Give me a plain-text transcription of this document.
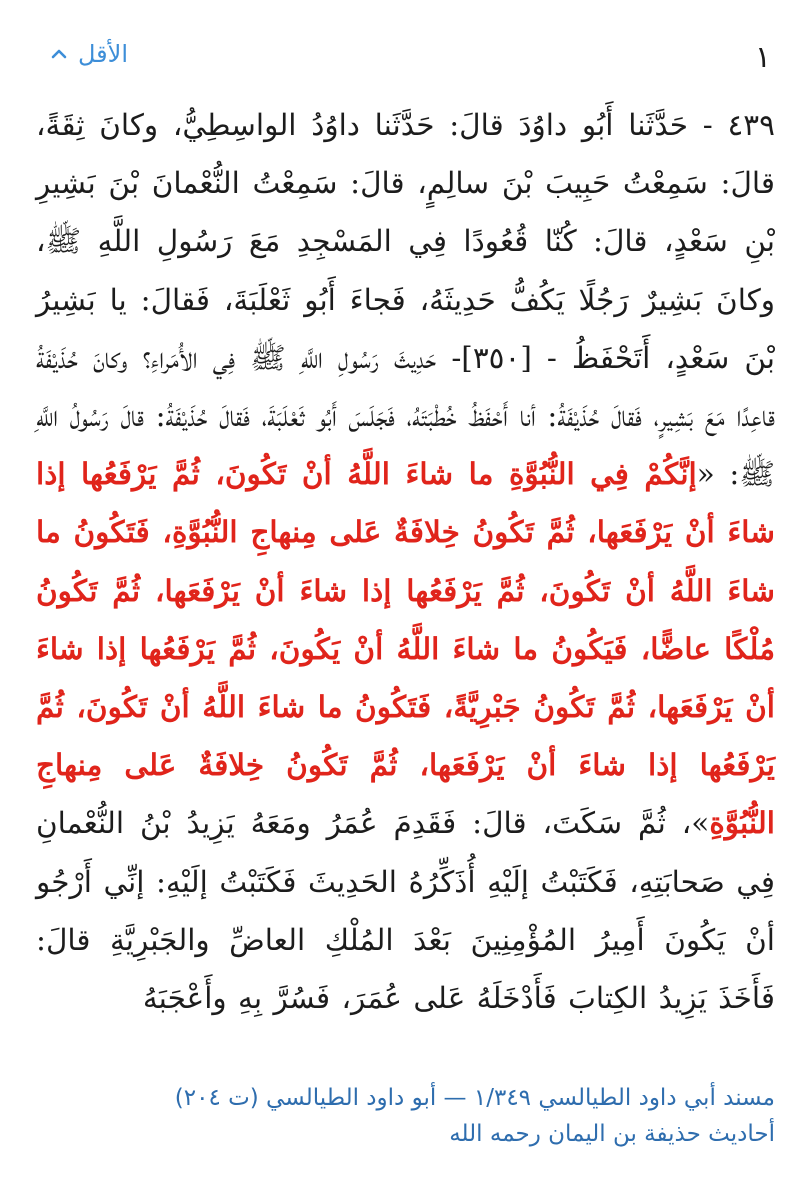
الأقل	١
٤٣٩ - حَدَّثَنا أَبُو داوُدَ قالَ: حَدَّثَنا داوُدُ الواسِطِيُّ، وكانَ ثِقَةً، قالَ: سَمِعْتُ حَبِيبَ بْنَ سالِمٍ، قالَ: سَمِعْتُ النُّعْمانَ بْنَ بَشِيرِ بْنِ سَعْدٍ، قالَ: كُنّا قُعُودًا فِي المَسْجِدِ مَعَ رَسُولِ اللَّهِ ﷺ، وكانَ بَشِيرٌ رَجُلًا يَكُفُّ حَدِيثَهُ، فَجاءَ أَبُو ثَعْلَبَةَ، فَقالَ: يا بَشِيرُ بْنَ سَعْدٍ، أَتَحْفَظُ - [٣٥٠]- حَدِيثَ رَسُولِ اللَّهِ ﷺ فِي الأُمَراءِ؟ وكانَ حُذَيْفَةُ قاعِدًا مَعَ بَشِيرٍ، فَقالَ حُذَيْفَةُ: أنا أَحْفَظُ خُطْبَتَهُ، فَجَلَسَ أَبُو ثَعْلَبَةَ، فَقالَ حُذَيْفَةُ: قالَ رَسُولُ اللَّهِ ﷺ: «إنَّكُمْ فِي النُّبُوَّةِ ما شاءَ اللَّهُ أنْ تَكُونَ، ثُمَّ يَرْفَعُها إذا شاءَ أنْ يَرْفَعَها، ثُمَّ تَكُونُ خِلافَةٌ عَلى مِنهاجِ النُّبُوَّةِ، فَتَكُونُ ما شاءَ اللَّهُ أنْ تَكُونَ، ثُمَّ يَرْفَعُها إذا شاءَ أنْ يَرْفَعَها، ثُمَّ تَكُونُ مُلْكًا عاضًّا، فَيَكُونُ ما شاءَ اللَّهُ أنْ يَكُونَ، ثُمَّ يَرْفَعُها إذا شاءَ أنْ يَرْفَعَها، ثُمَّ تَكُونُ جَبْرِيَّةً، فَتَكُونُ ما شاءَ اللَّهُ أنْ تَكُونَ، ثُمَّ يَرْفَعُها إذا شاءَ أنْ يَرْفَعَها، ثُمَّ تَكُونُ خِلافَةٌ عَلى مِنهاجِ النُّبُوَّةِ»، ثُمَّ سَكَتَ، قالَ: فَقَدِمَ عُمَرُ ومَعَهُ يَزِيدُ بْنُ النُّعْمانِ فِي صَحابَتِهِ، فَكَتَبْتُ إلَيْهِ أُذَكِّرُهُ الحَدِيثَ فَكَتَبْتُ إلَيْهِ: إنِّي أَرْجُو أنْ يَكُونَ أَمِيرُ المُؤْمِنِينَ بَعْدَ المُلْكِ العاضِّ والجَبْرِيَّةِ قالَ: فَأَخَذَ يَزِيدُ الكِتابَ فَأَدْخَلَهُ عَلى عُمَرَ، فَسُرَّ بِهِ وأَعْجَبَهُ
مسند أبي داود الطيالسي ١/٣٤٩ — أبو داود الطيالسي (ت ٢٠٤)
أحاديث حذيفة بن اليمان رحمه الله
